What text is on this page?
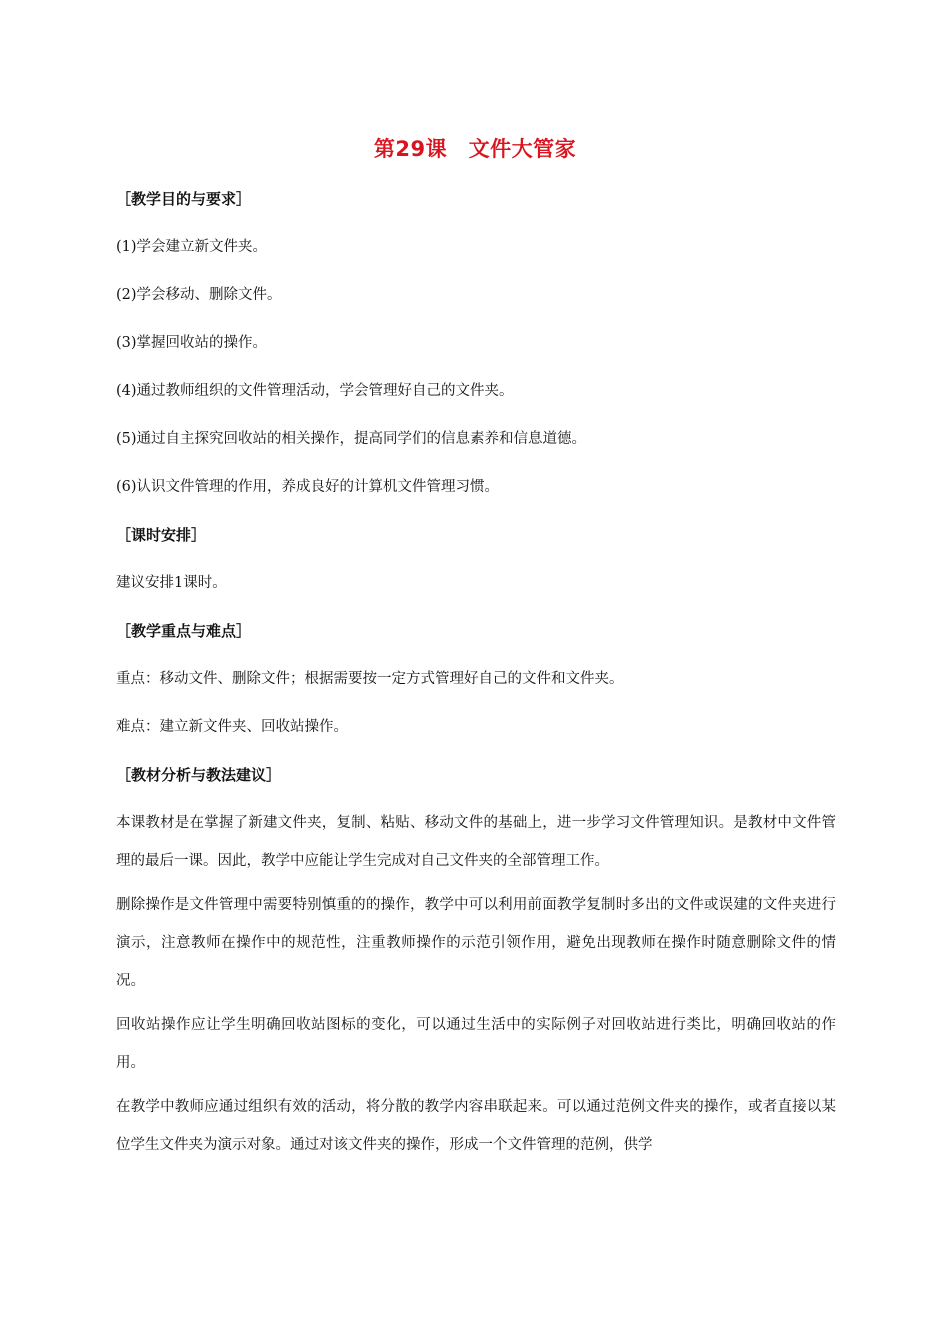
第29课　文件大管家
［教学目的与要求］
(1)学会建立新文件夹。
(2)学会移动、删除文件。
(3)掌握回收站的操作。
(4)通过教师组织的文件管理活动，学会管理好自己的文件夹。
(5)通过自主探究回收站的相关操作，提高同学们的信息素养和信息道德。
(6)认识文件管理的作用，养成良好的计算机文件管理习惯。
［课时安排］
建议安排1课时。
［教学重点与难点］
重点：移动文件、删除文件；根据需要按一定方式管理好自己的文件和文件夹。
难点：建立新文件夹、回收站操作。
［教材分析与教法建议］
本课教材是在掌握了新建文件夹，复制、粘贴、移动文件的基础上，进一步学习文件管理知识。是教材中文件管理的最后一课。因此，教学中应能让学生完成对自己文件夹的全部管理工作。
删除操作是文件管理中需要特别慎重的的操作，教学中可以利用前面教学复制时多出的文件或误建的文件夹进行演示，注意教师在操作中的规范性，注重教师操作的示范引领作用，避免出现教师在操作时随意删除文件的情况。
回收站操作应让学生明确回收站图标的变化，可以通过生活中的实际例子对回收站进行类比，明确回收站的作用。
在教学中教师应通过组织有效的活动，将分散的教学内容串联起来。可以通过范例文件夹的操作，或者直接以某位学生文件夹为演示对象。通过对该文件夹的操作，形成一个文件管理的范例，供学
